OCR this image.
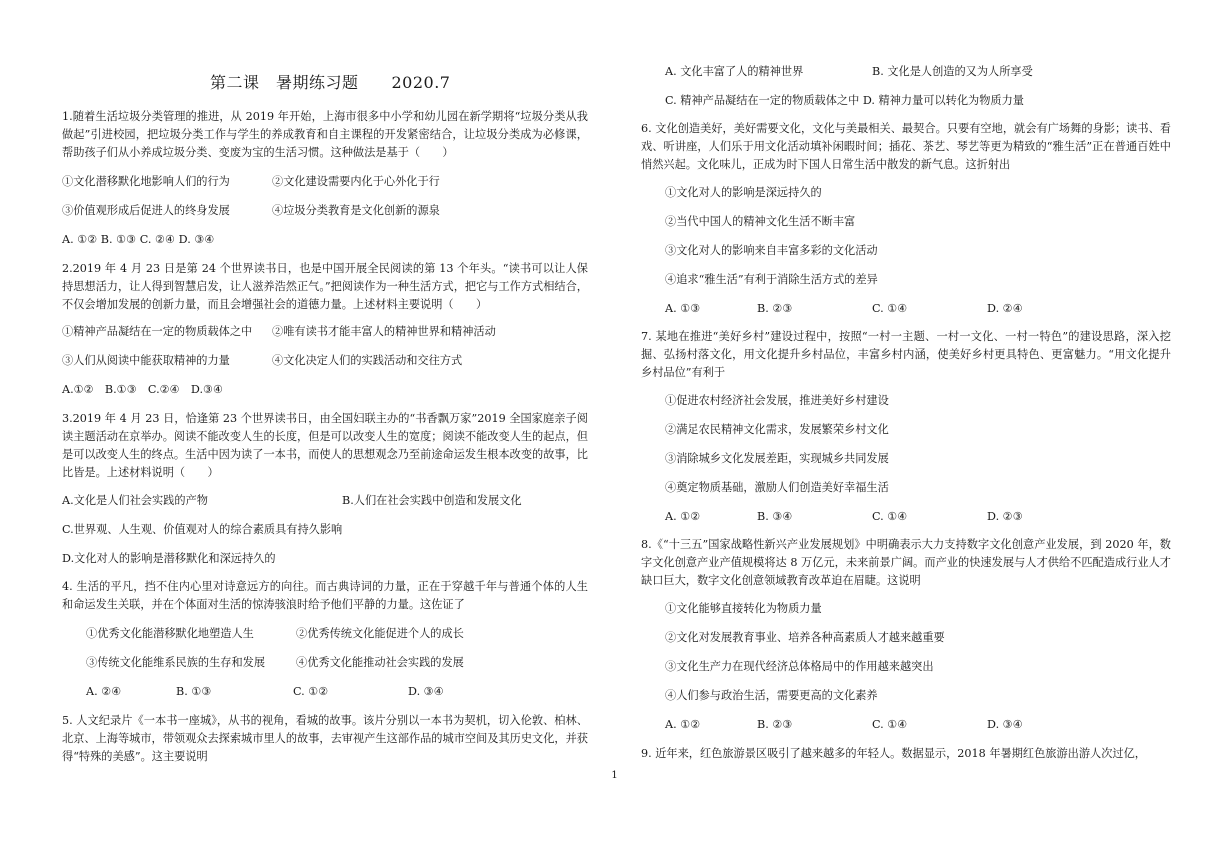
第二课　暑期练习题　　2020.7
1.随着生活垃圾分类管理的推进，从 2019 年开始，上海市很多中小学和幼儿园在新学期将“垃圾分类从我做起”引进校园，把垃圾分类工作与学生的养成教育和自主课程的开发紧密结合，让垃圾分类成为必修课，帮助孩子们从小养成垃圾分类、变废为宝的生活习惯。这种做法是基于（　　）
①文化潜移默化地影响人们的行为	②文化建设需要内化于心外化于行
③价值观形成后促进人的终身发展	④垃圾分类教育是文化创新的源泉
A. ①② B. ①③ C. ②④ D. ③④
2.2019 年 4 月 23 日是第 24 个世界读书日，也是中国开展全民阅读的第 13 个年头。“读书可以让人保持思想活力，让人得到智慧启发，让人滋养浩然正气。”把阅读作为一种生活方式，把它与工作方式相结合，不仅会增加发展的创新力量，而且会增强社会的道德力量。上述材料主要说明（　　）
①精神产品凝结在一定的物质载体之中 ②唯有读书才能丰富人的精神世界和精神活动
③人们从阅读中能获取精神的力量	④文化决定人们的实践活动和交往方式
A.①②　B.①③　C.②④　D.③④
3.2019 年 4 月 23 日，恰逢第 23 个世界读书日，由全国妇联主办的“书香飘万家”2019 全国家庭亲子阅读主题活动在京举办。阅读不能改变人生的长度，但是可以改变人生的宽度；阅读不能改变人生的起点，但是可以改变人生的终点。生活中因为读了一本书，而使人的思想观念乃至前途命运发生根本改变的故事，比比皆是。上述材料说明（　　）
A.文化是人们社会实践的产物	B.人们在社会实践中创造和发展文化
C.世界观、人生观、价值观对人的综合素质具有持久影响
D.文化对人的影响是潜移默化和深远持久的
4. 生活的平凡，挡不住内心里对诗意远方的向往。而古典诗词的力量，正在于穿越千年与普通个体的人生和命运发生关联，并在个体面对生活的惊涛骇浪时给予他们平静的力量。这佐证了
①优秀文化能潜移默化地塑造人生	②优秀传统文化能促进个人的成长
③传统文化能维系民族的生存和发展	④优秀文化能推动社会实践的发展
A. ②④	B. ①③	C. ①②	D. ③④
5. 人文纪录片《一本书一座城》，从书的视角，看城的故事。该片分别以一本书为契机，切入伦敦、柏林、北京、上海等城市，带领观众去探索城市里人的故事，去审视产生这部作品的城市空间及其历史文化，并获得“特殊的美感”。这主要说明
A. 文化丰富了人的精神世界	B. 文化是人创造的又为人所享受
C. 精神产品凝结在一定的物质载体之中 D. 精神力量可以转化为物质力量
6. 文化创造美好，美好需要文化，文化与美最相关、最契合。只要有空地，就会有广场舞的身影；读书、看戏、听讲座，人们乐于用文化活动填补闲暇时间；插花、茶艺、琴艺等更为精致的“雅生活”正在普通百姓中悄然兴起。文化味儿，正成为时下国人日常生活中散发的新气息。这折射出
①文化对人的影响是深远持久的
②当代中国人的精神文化生活不断丰富
③文化对人的影响来自丰富多彩的文化活动
④追求“雅生活”有利于消除生活方式的差异
A. ①③	B. ②③	C. ①④	D. ②④
7. 某地在推进“美好乡村”建设过程中，按照“一村一主题、一村一文化、一村一特色”的建设思路，深入挖掘、弘扬村落文化，用文化提升乡村品位，丰富乡村内涵，使美好乡村更具特色、更富魅力。“用文化提升乡村品位”有利于
①促进农村经济社会发展，推进美好乡村建设
②满足农民精神文化需求，发展繁荣乡村文化
③消除城乡文化发展差距，实现城乡共同发展
④奠定物质基础，激励人们创造美好幸福生活
A. ①②	B. ③④	C. ①④	D. ②③
8.《“十三五”国家战略性新兴产业发展规划》中明确表示大力支持数字文化创意产业发展，到 2020 年，数字文化创意产业产值规模将达 8 万亿元，未来前景广阔。而产业的快速发展与人才供给不匹配造成行业人才缺口巨大，数字文化创意领域教育改革迫在眉睫。这说明
①文化能够直接转化为物质力量
②文化对发展教育事业、培养各种高素质人才越来越重要
③文化生产力在现代经济总体格局中的作用越来越突出
④人们参与政治生活，需要更高的文化素养
A. ①②	B. ②③	C. ①④	D. ③④
9. 近年来，红色旅游景区吸引了越来越多的年轻人。数据显示，2018 年暑期红色旅游出游人次过亿，
1
